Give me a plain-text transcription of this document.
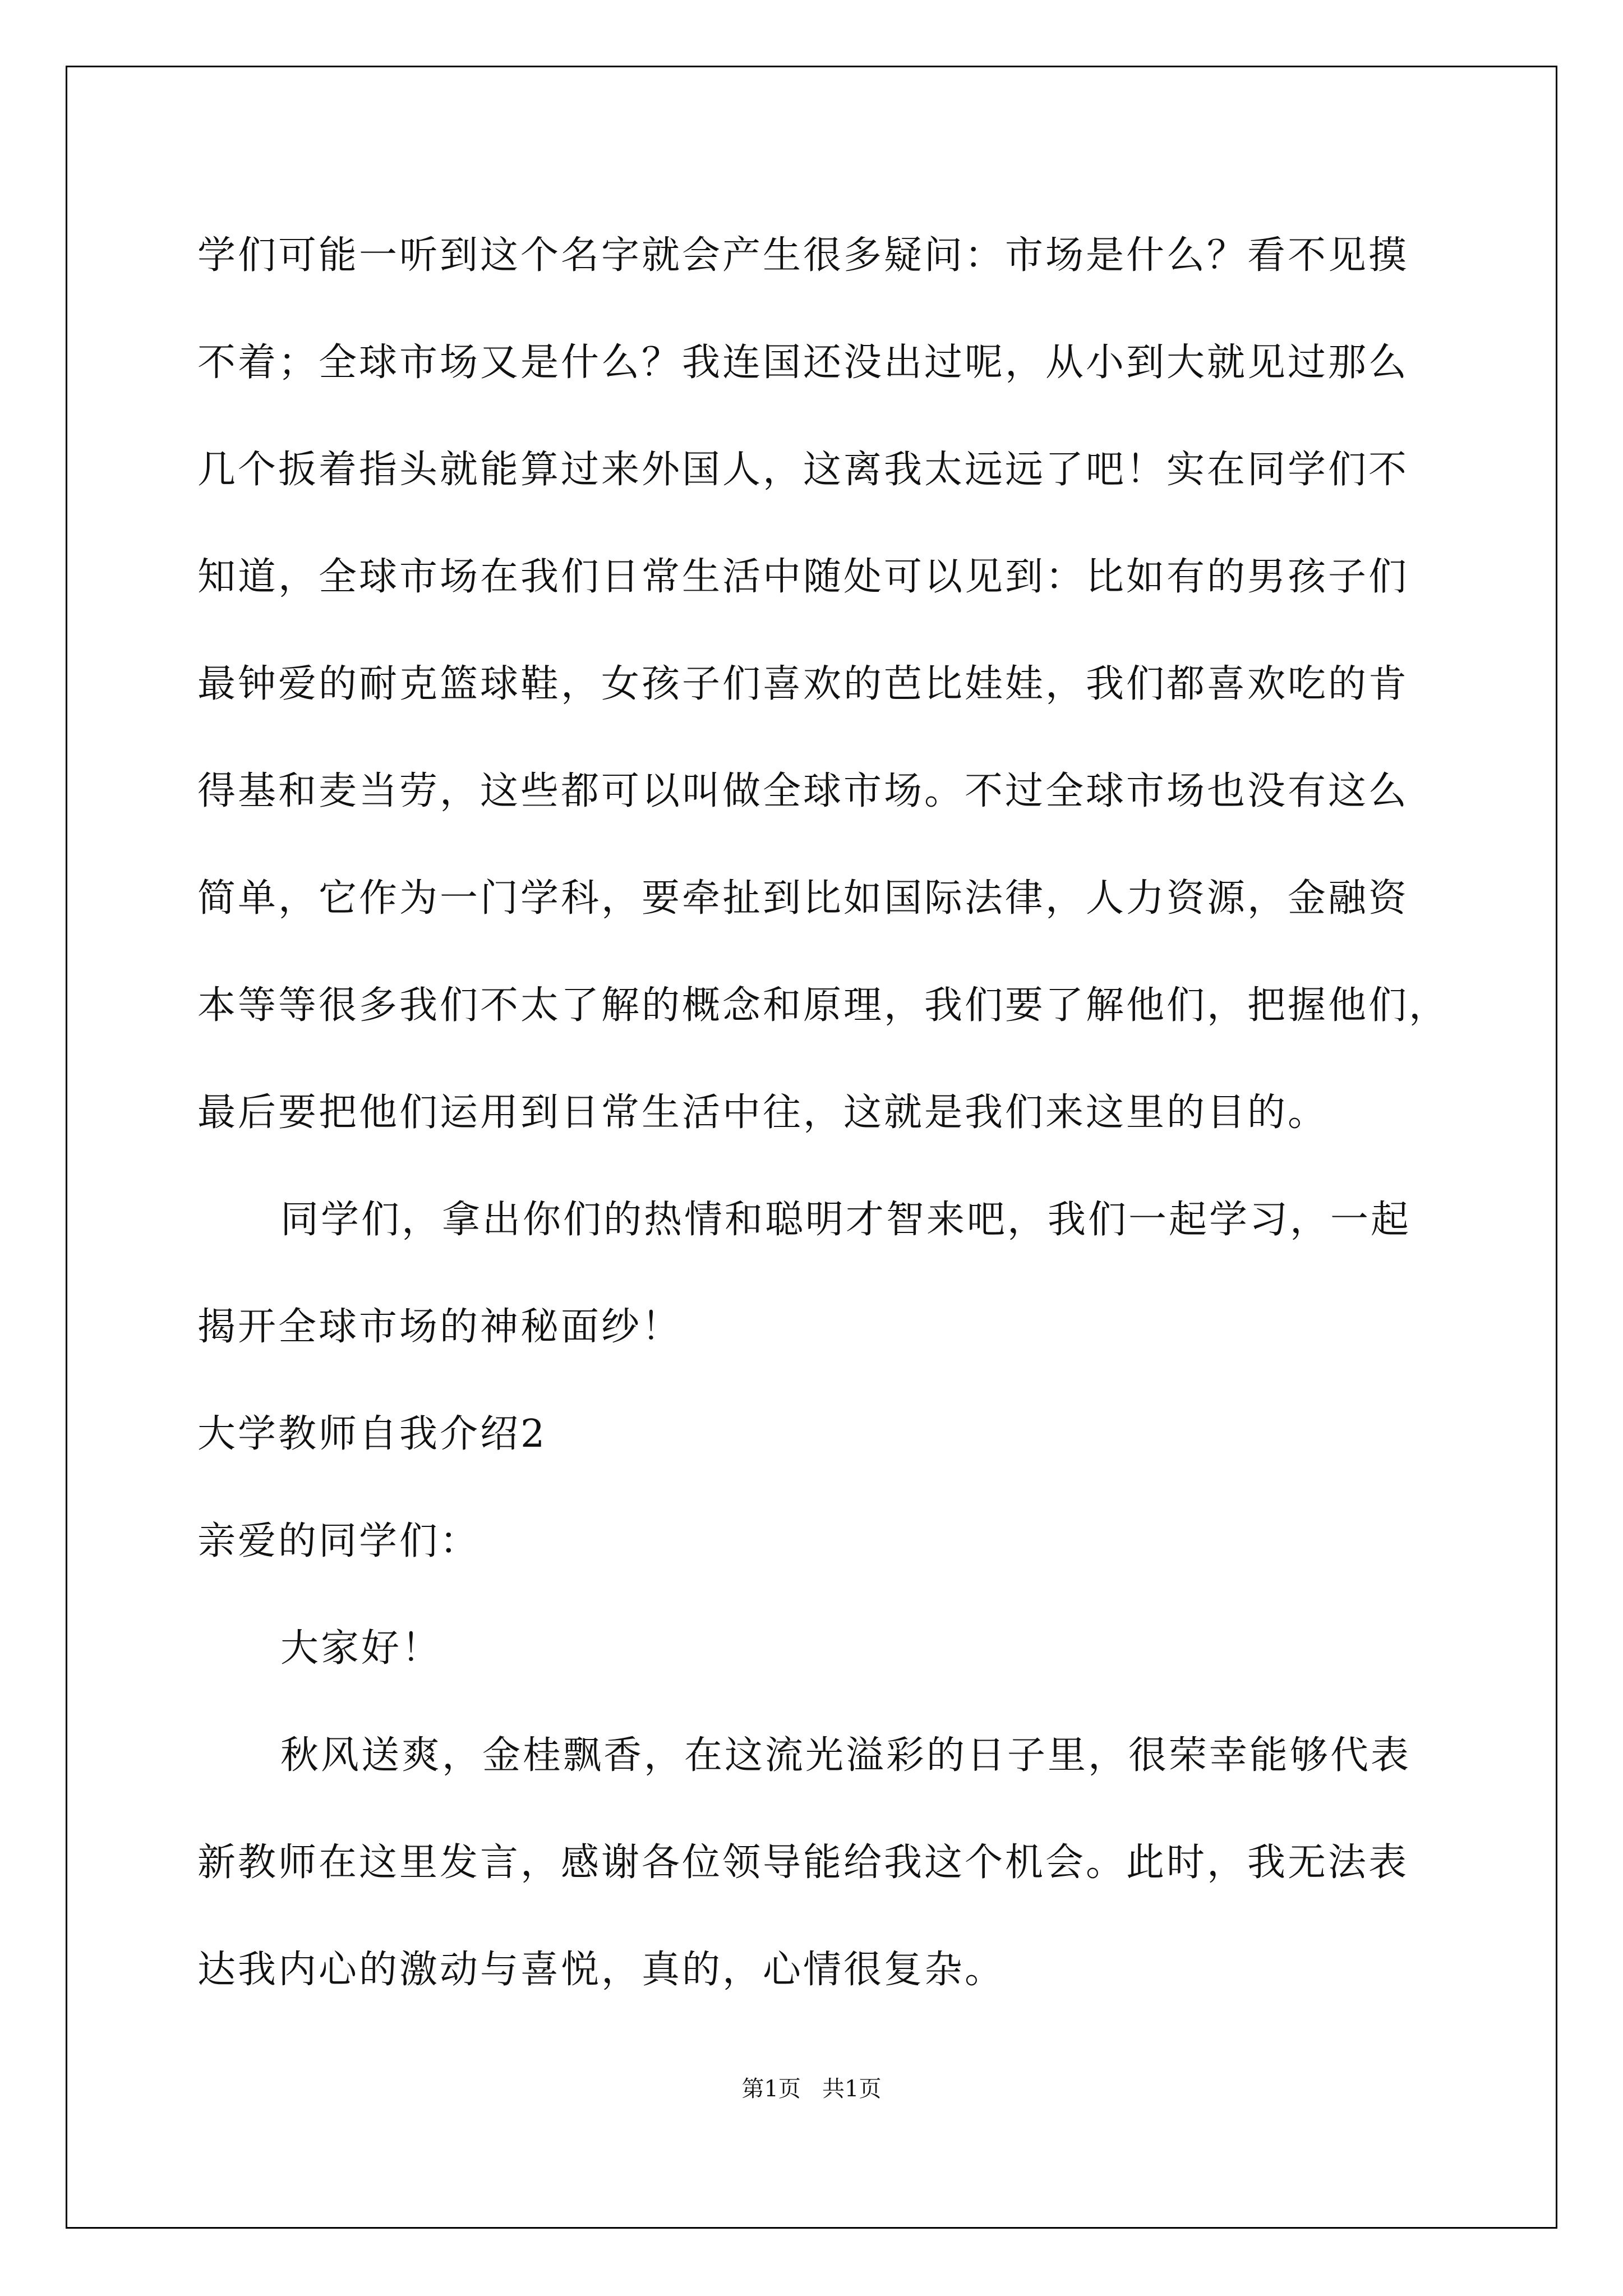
学们可能一听到这个名字就会产生很多疑问：市场是什么？看不见摸
不着；全球市场又是什么？我连国还没出过呢，从小到大就见过那么
几个扳着指头就能算过来外国人，这离我太远远了吧！实在同学们不
知道，全球市场在我们日常生活中随处可以见到：比如有的男孩子们
最钟爱的耐克篮球鞋，女孩子们喜欢的芭比娃娃，我们都喜欢吃的肯
得基和麦当劳，这些都可以叫做全球市场。不过全球市场也没有这么
简单，它作为一门学科，要牵扯到比如国际法律，人力资源，金融资
本等等很多我们不太了解的概念和原理，我们要了解他们，把握他们，
最后要把他们运用到日常生活中往，这就是我们来这里的目的。
同学们，拿出你们的热情和聪明才智来吧，我们一起学习，一起
揭开全球市场的神秘面纱！
大学教师自我介绍2
亲爱的同学们：
大家好！
秋风送爽，金桂飘香，在这流光溢彩的日子里，很荣幸能够代表
新教师在这里发言，感谢各位领导能给我这个机会。此时，我无法表
达我内心的激动与喜悦，真的，心情很复杂。
第1页   共1页
